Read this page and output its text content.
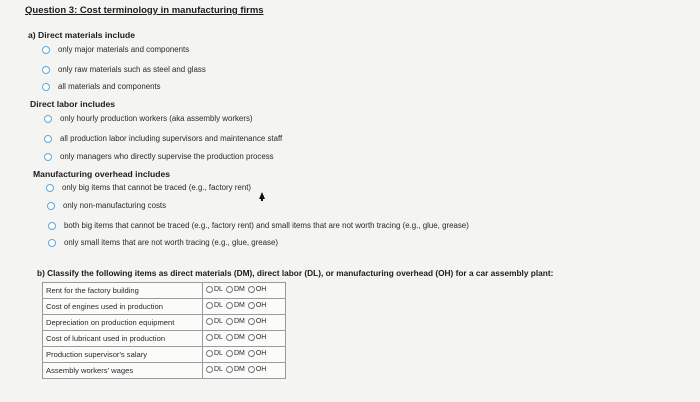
Question 3: Cost terminology in manufacturing firms
a) Direct materials include
only major materials and components
only raw materials such as steel and glass
all materials and components
Direct labor includes
only hourly production workers (aka assembly workers)
all production labor including supervisors and maintenance staff
only managers who directly supervise the production process
Manufacturing overhead includes
only big items that cannot be traced (e.g., factory rent)
only non-manufacturing costs
both big items that cannot be traced (e.g., factory rent) and small items that are not worth tracing (e.g., glue, grease)
only small items that are not worth tracing (e.g., glue, grease)
b) Classify the following items as direct materials (DM), direct labor (DL), or manufacturing overhead (OH) for a car assembly plant:
Rent for the factory building	DL DM OH

Cost of engines used in production	DL DM OH

Depreciation on production equipment	DL DM OH

Cost of lubricant used in production	DL DM OH

Production supervisor's salary	DL DM OH

Assembly workers' wages	DL DM OH
